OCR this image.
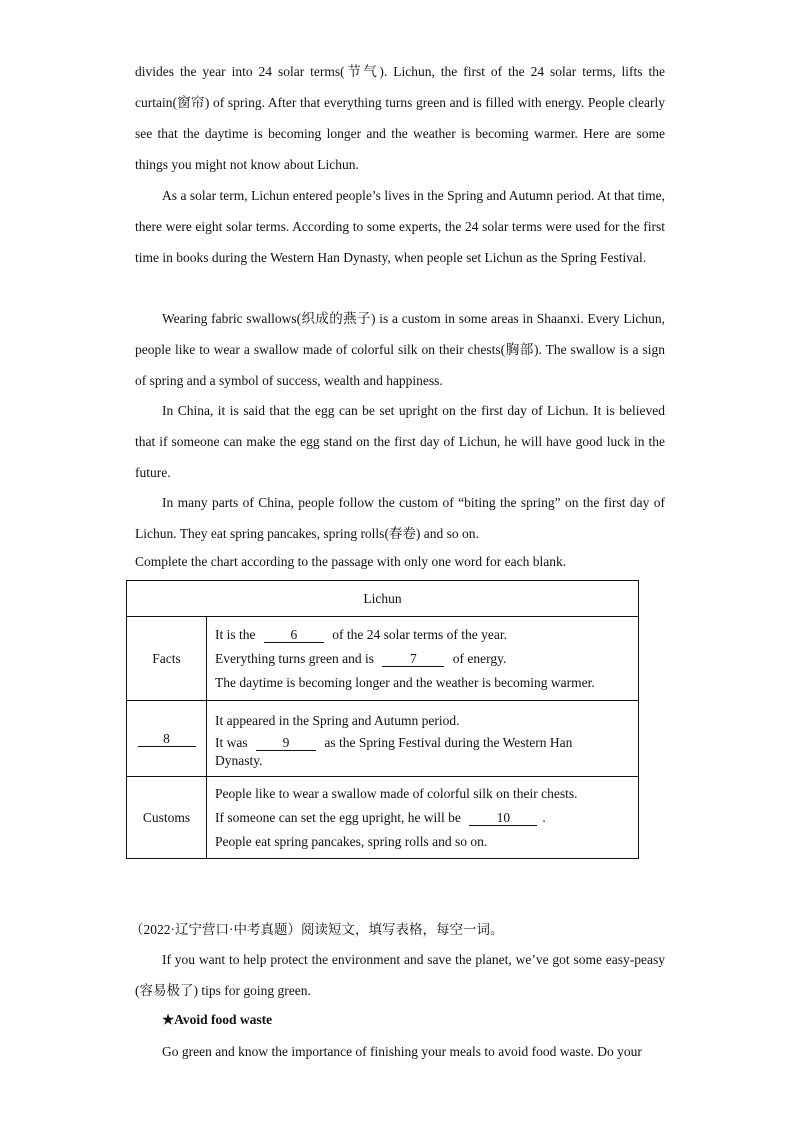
divides the year into 24 solar terms(节气). Lichun, the first of the 24 solar terms, lifts the curtain(窗帘) of spring. After that everything turns green and is filled with energy. People clearly see that the daytime is becoming longer and the weather is becoming warmer. Here are some things you might not know about Lichun.

As a solar term, Lichun entered people’s lives in the Spring and Autumn period. At that time, there were eight solar terms. According to some experts, the 24 solar terms were used for the first time in books during the Western Han Dynasty, when people set Lichun as the Spring Festival.

Wearing fabric swallows(织成的燕子) is a custom in some areas in Shaanxi. Every Lichun, people like to wear a swallow made of colorful silk on their chests(胸部). The swallow is a sign of spring and a symbol of success, wealth and happiness.

In China, it is said that the egg can be set upright on the first day of Lichun. It is believed that if someone can make the egg stand on the first day of Lichun, he will have good luck in the future.

In many parts of China, people follow the custom of “biting the spring” on the first day of Lichun. They eat spring pancakes, spring rolls(春卷) and so on.

Complete the chart according to the passage with only one word for each blank.
Lichun	
Facts	It is the 6 of the 24 solar terms of the year.
Everything turns green and is 7 of energy.
The daytime is becoming longer and the weather is becoming warmer.

8	It appeared in the Spring and Autumn period.
It was 9 as the Spring Festival during the Western Han
Dynasty.

Customs	People like to wear a swallow made of colorful silk on their chests.
If someone can set the egg upright, he will be 10 .
People eat spring pancakes, spring rolls and so on.
（2022·辽宁营口·中考真题）阅读短文，填写表格，每空一词。

If you want to help protect the environment and save the planet, we’ve got some easy-peasy (容易极了) tips for going green.

★Avoid food waste

Go green and know the importance of finishing your meals to avoid food waste. Do your
